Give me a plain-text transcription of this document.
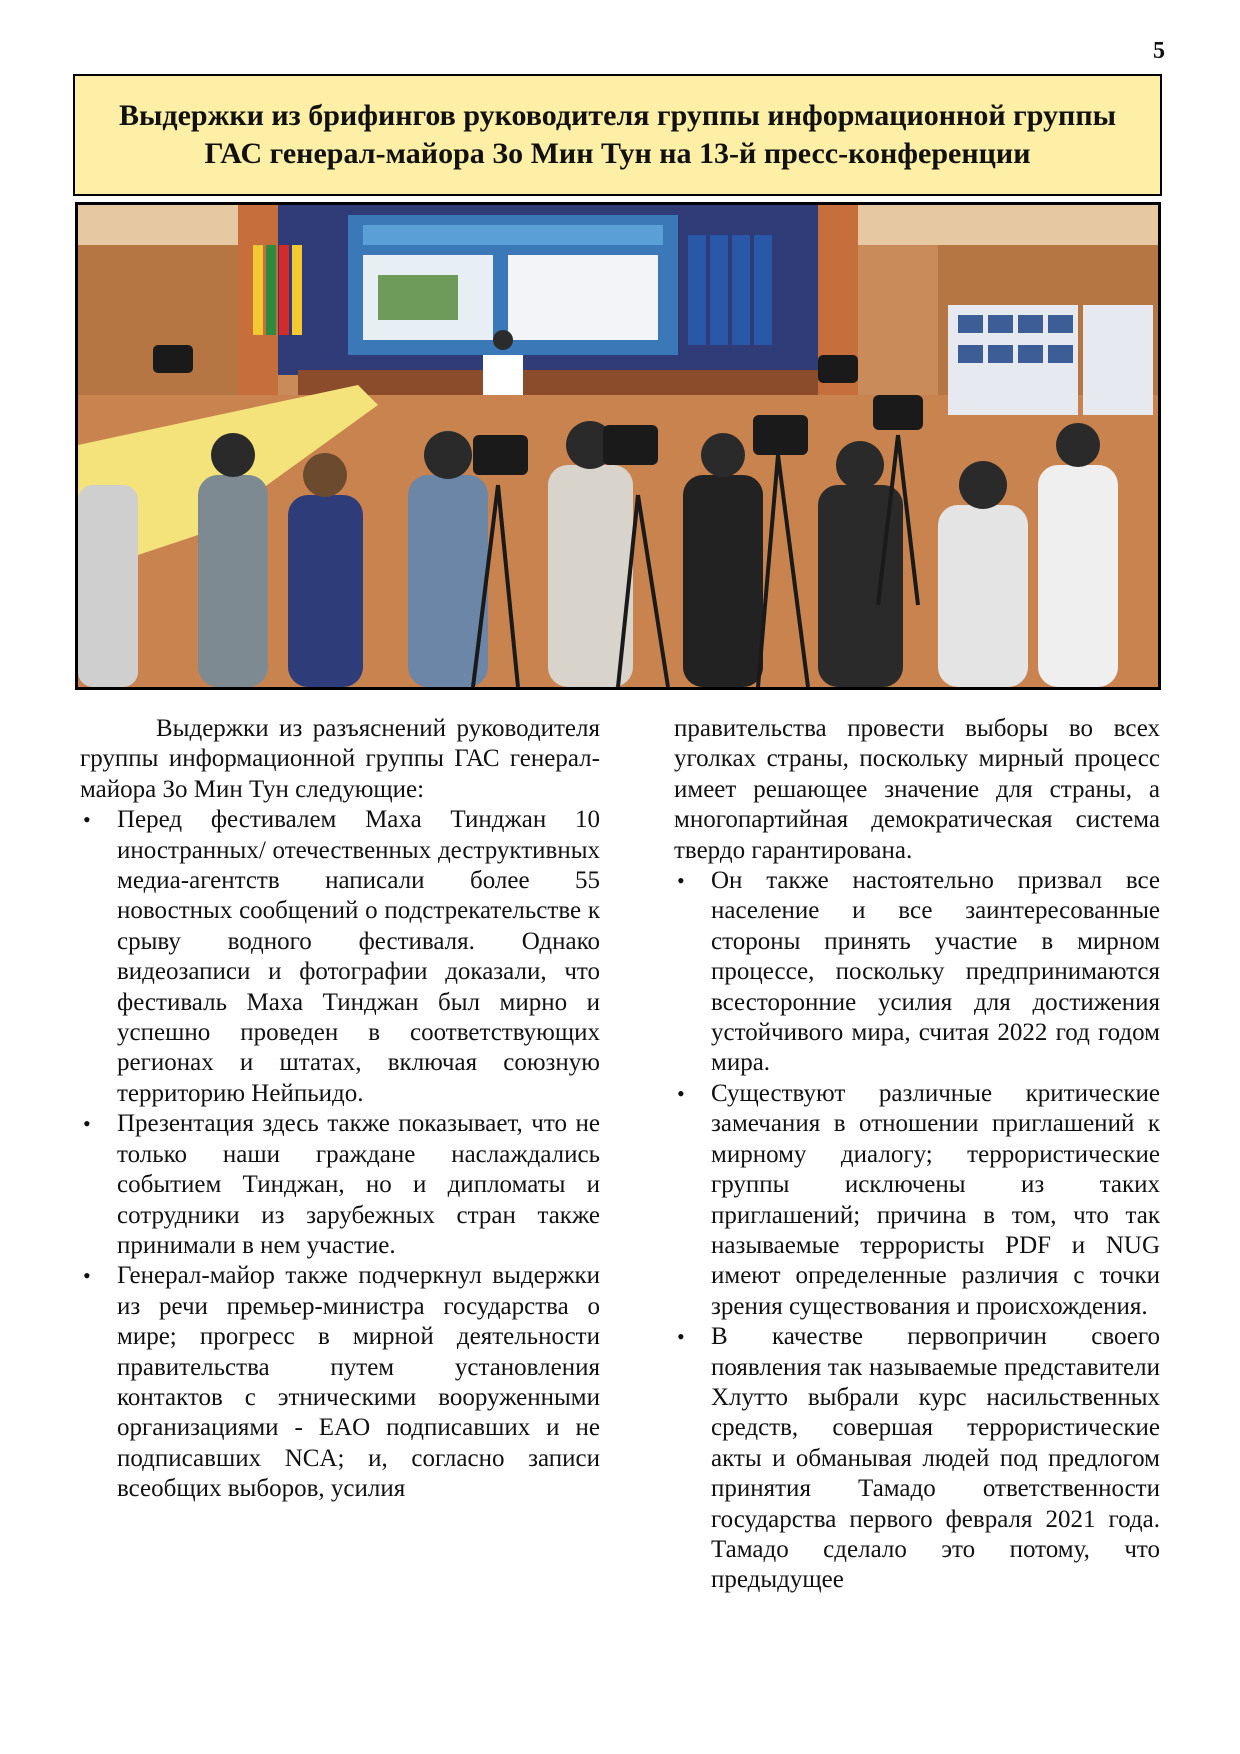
5
Выдержки из брифингов руководителя группы информационной группы
ГАС генерал-майора Зо Мин Тун на 13-й пресс-конференции

Выдержки из разъяснений руководителя группы информационной группы ГАС генерал-майора Зо Мин Тун следующие:

• Перед фестивалем Маха Тинджан 10 иностранных/ отечественных деструктивных медиа-агентств написали более 55 новостных сообщений о подстрекательстве к срыву водного фестиваля. Однако видеозаписи и фотографии доказали, что фестиваль Маха Тинджан был мирно и успешно проведен в соответствующих регионах и штатах, включая союзную территорию Нейпьидо.
• Презентация здесь также показывает, что не только наши граждане наслаждались событием Тинджан, но и дипломаты и сотрудники из зарубежных стран также принимали в нем участие.
• Генерал-майор также подчеркнул выдержки из речи премьер-министра государства о мире; прогресс в мирной деятельности правительства путем установления контактов с этническими вооруженными организациями - EAO подписавших и не подписавших NCA; и, согласно записи всеобщих выборов, усилия

правительства провести выборы во всех уголках страны, поскольку мирный процесс имеет решающее значение для страны, а многопартийная демократическая система твердо гарантирована.

• Он также настоятельно призвал все население и все заинтересованные стороны принять участие в мирном процессе, поскольку предпринимаются всесторонние усилия для достижения устойчивого мира, считая 2022 год годом мира.
• Существуют различные критические замечания в отношении приглашений к мирному диалогу; террористические группы исключены из таких приглашений; причина в том, что так называемые террористы PDF и NUG имеют определенные различия с точки зрения существования и происхождения.
• В качестве первопричин своего появления так называемые представители Хлутто выбрали курс насильственных средств, совершая террористические акты и обманывая людей под предлогом принятия Тамадо ответственности государства первого февраля 2021 года. Тамадо сделало это потому, что предыдущее
